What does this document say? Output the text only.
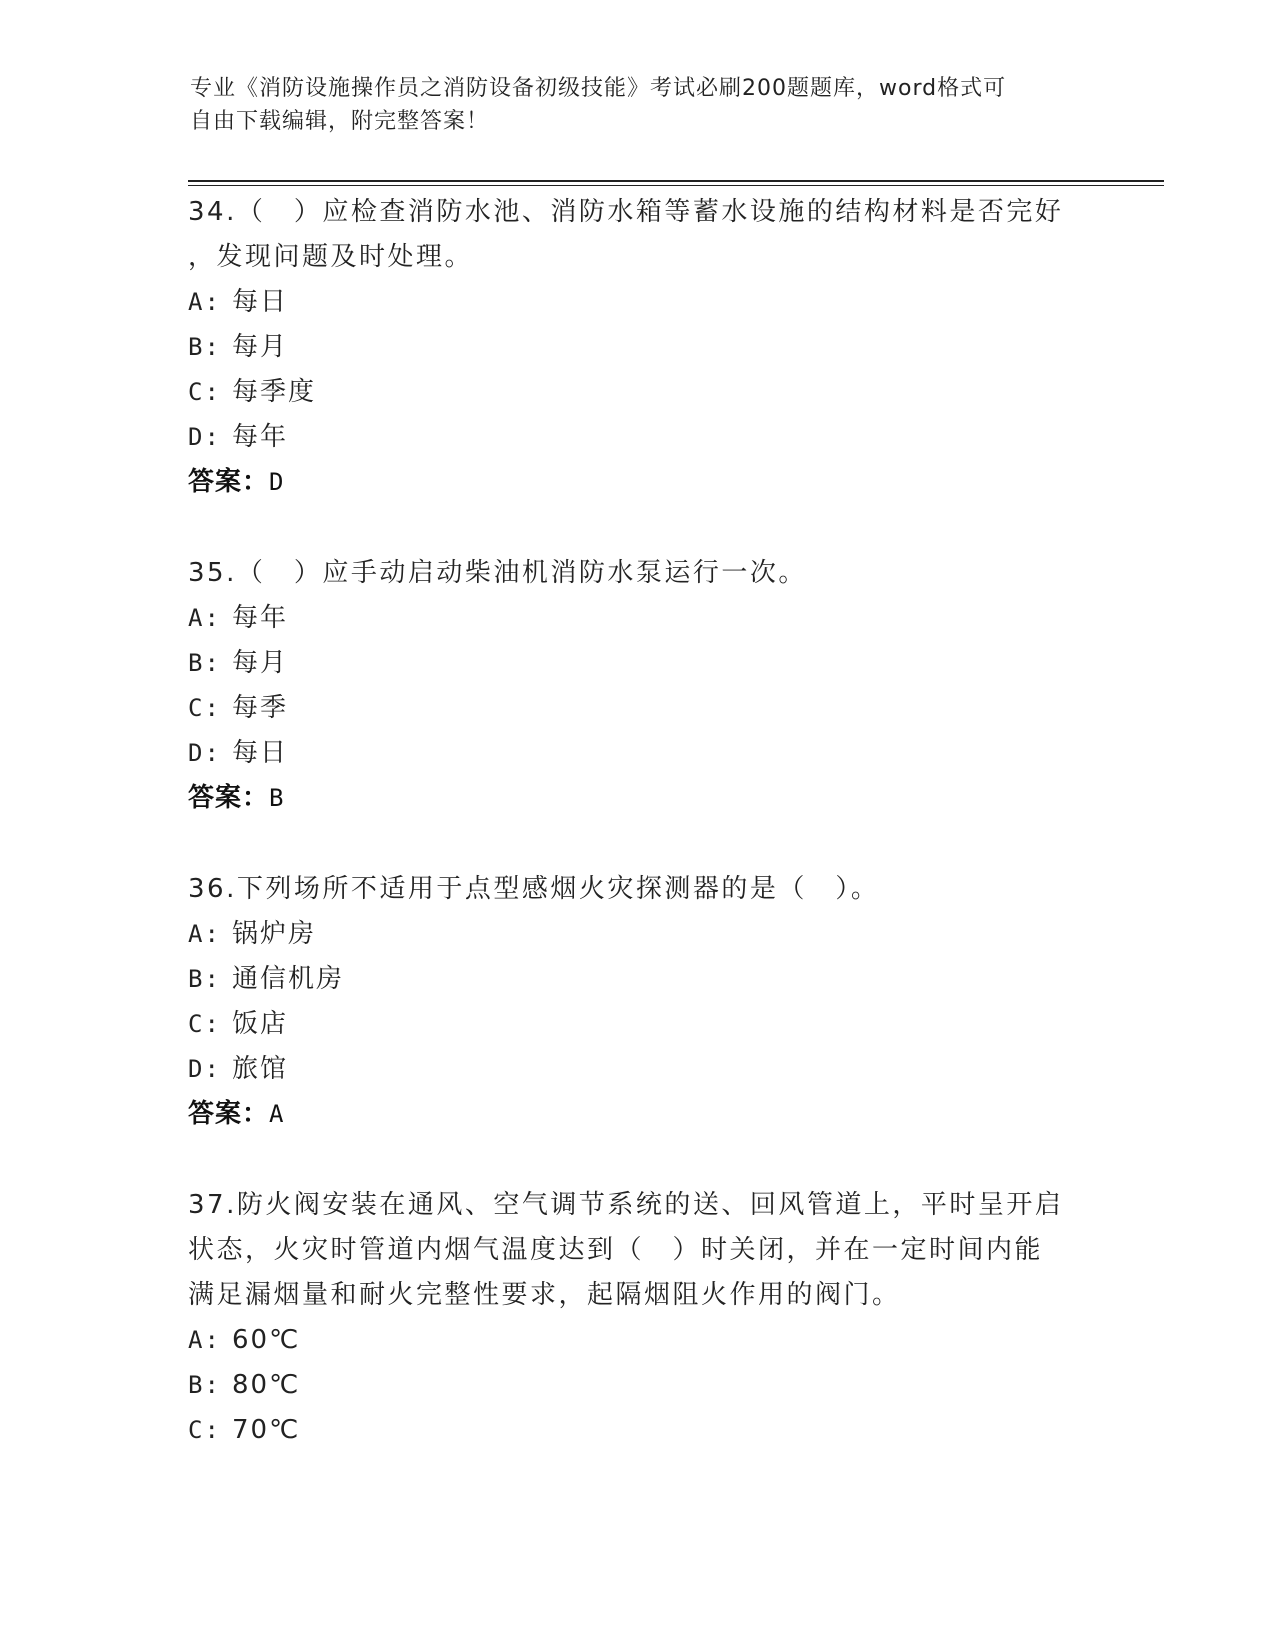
专业《消防设施操作员之消防设备初级技能》考试必刷200题题库，word格式可
自由下载编辑，附完整答案！

34.（　）应检查消防水池、消防水箱等蓄水设施的结构材料是否完好

，发现问题及时处理。

A: 每日

B: 每月

C: 每季度

D: 每年

答案：D

35.（　）应手动启动柴油机消防水泵运行一次。

A: 每年

B: 每月

C: 每季

D: 每日

答案：B

36.下列场所不适用于点型感烟火灾探测器的是（　）。

A: 锅炉房

B: 通信机房

C: 饭店

D: 旅馆

答案：A

37.防火阀安装在通风、空气调节系统的送、回风管道上，平时呈开启

状态，火灾时管道内烟气温度达到（　）时关闭，并在一定时间内能

满足漏烟量和耐火完整性要求，起隔烟阻火作用的阀门。

A: 60℃

B: 80℃

C: 70℃
